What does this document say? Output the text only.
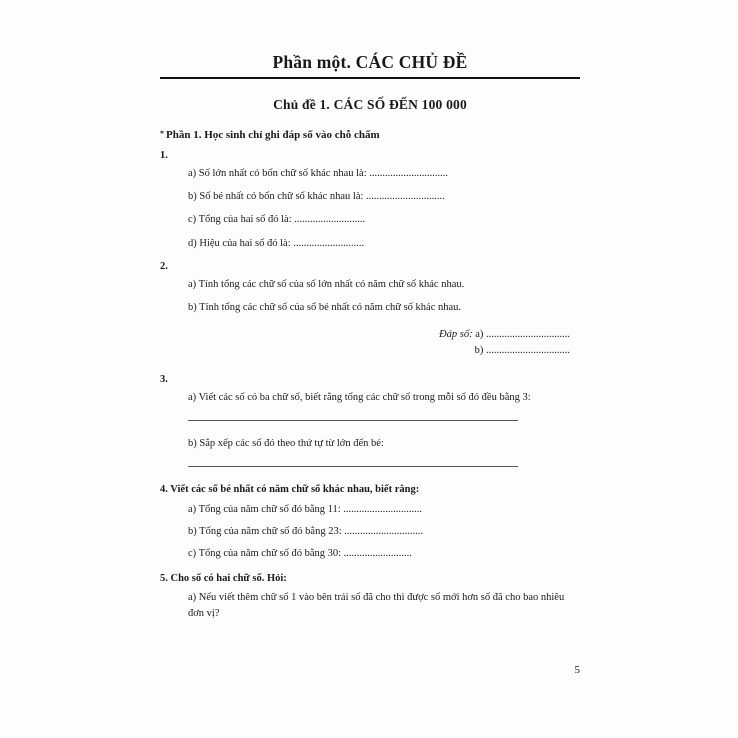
Phần một. CÁC CHỦ ĐỀ
Chủ đề 1. CÁC SỐ ĐẾN 100 000
* Phần 1. Học sinh chỉ ghi đáp số vào chỗ chấm
1.
a) Số lớn nhất có bốn chữ số khác nhau là: ..............................
b) Số bé nhất có bốn chữ số khác nhau là: ..............................
c) Tổng của hai số đó là: ...........................
d) Hiệu của hai số đó là: ...........................
2.
a) Tính tổng các chữ số của số lớn nhất có năm chữ số khác nhau.
b) Tính tổng các chữ số của số bé nhất có năm chữ số khác nhau.
Đáp số: a) ................................
b) ................................
3.
a) Viết các số có ba chữ số, biết rằng tổng các chữ số trong mỗi số đó đều bằng 3:
b) Sắp xếp các số đó theo thứ tự từ lớn đến bé:
4. Viết các số bé nhất có năm chữ số khác nhau, biết rằng:
a) Tổng của năm chữ số đó bằng 11: ..............................
b) Tổng của năm chữ số đó bằng 23: ..............................
c) Tổng của năm chữ số đó bằng 30: ..........................
5. Cho số có hai chữ số. Hỏi:
a) Nếu viết thêm chữ số 1 vào bên trái số đã cho thì được số mới hơn số đã cho bao nhiêu đơn vị?
5
